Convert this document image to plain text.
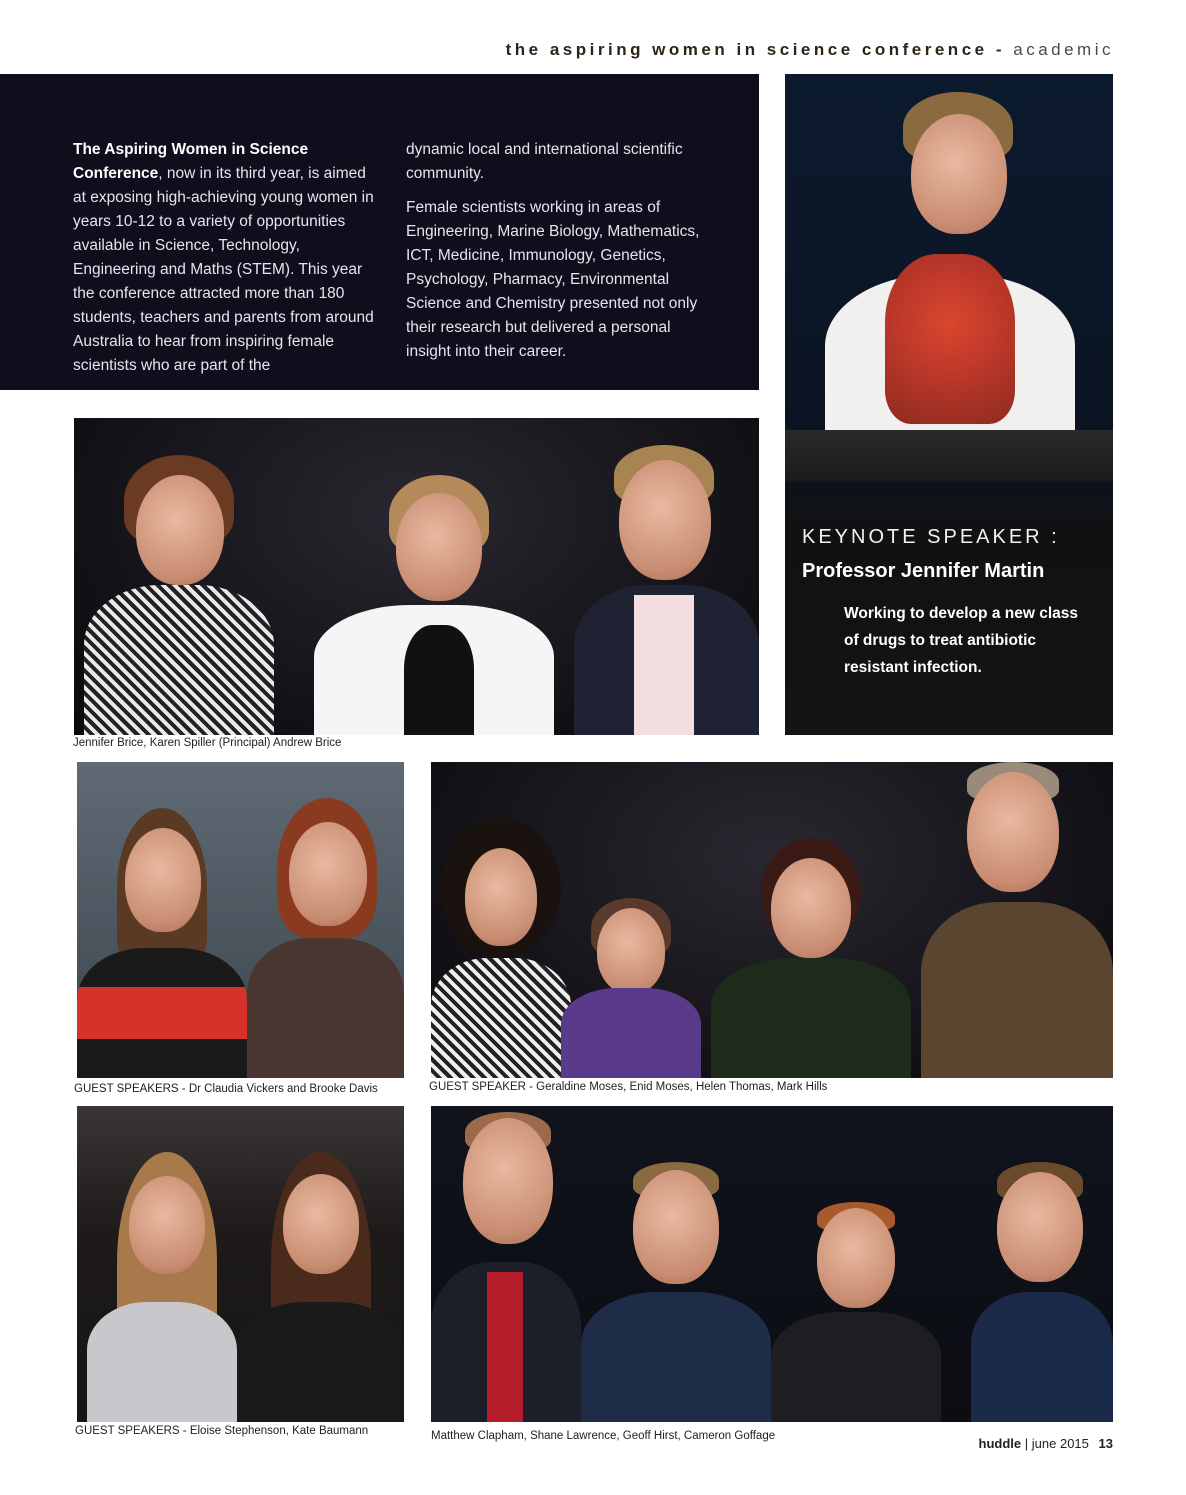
the aspiring women in science conference - academic

The Aspiring Women in Science Conference, now in its third year, is aimed at exposing high-achieving young women in years 10-12 to a variety of opportunities available in Science, Technology, Engineering and Maths (STEM). This year the conference attracted more than 180 students, teachers and parents from around Australia to hear from inspiring female scientists who are part of the

dynamic local and international scientific community.

Female scientists working in areas of Engineering, Marine Biology, Mathematics, ICT, Medicine, Immunology, Genetics, Psychology, Pharmacy, Environmental Science and Chemistry presented not only their research but delivered a personal insight into their career.

KEYNOTE SPEAKER :
Professor Jennifer Martin
Working to develop a new class of drugs to treat antibiotic resistant infection.
Jennifer Brice, Karen Spiller (Principal) Andrew Brice
GUEST SPEAKERS - Dr Claudia Vickers and Brooke Davis	GUEST SPEAKER - Geraldine Moses, Enid Moses, Helen Thomas, Mark Hills
GUEST SPEAKERS - Eloise Stephenson, Kate Baumann	Matthew Clapham, Shane Lawrence, Geoff Hirst, Cameron Goffage	huddle | june 2015 13
